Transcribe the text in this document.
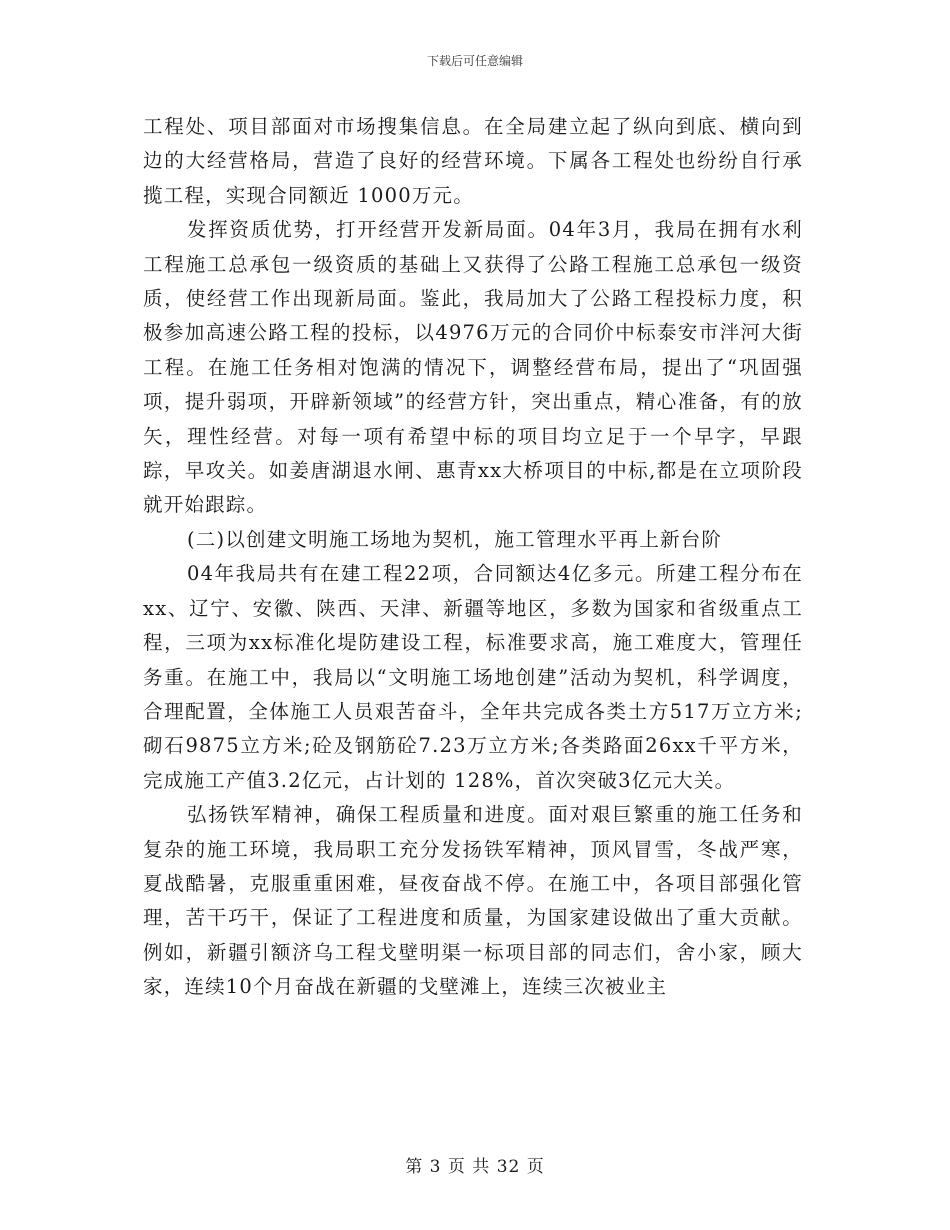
下载后可任意编辑

工程处、项目部面对市场搜集信息。在全局建立起了纵向到底、横向到边的大经营格局，营造了良好的经营环境。下属各工程处也纷纷自行承揽工程，实现合同额近 1000万元。

发挥资质优势，打开经营开发新局面。04年3月，我局在拥有水利工程施工总承包一级资质的基础上又获得了公路工程施工总承包一级资质，使经营工作出现新局面。鉴此，我局加大了公路工程投标力度，积极参加高速公路工程的投标，以4976万元的合同价中标泰安市泮河大街工程。在施工任务相对饱满的情况下，调整经营布局，提出了“巩固强项，提升弱项，开辟新领域”的经营方针，突出重点，精心准备，有的放矢，理性经营。对每一项有希望中标的项目均立足于一个早字，早跟踪，早攻关。如姜唐湖退水闸、惠青xx大桥项目的中标,都是在立项阶段就开始跟踪。

(二)以创建文明施工场地为契机，施工管理水平再上新台阶

04年我局共有在建工程22项，合同额达4亿多元。所建工程分布在xx、辽宁、安徽、陕西、天津、新疆等地区，多数为国家和省级重点工程，三项为xx标准化堤防建设工程，标准要求高，施工难度大，管理任务重。在施工中，我局以“文明施工场地创建”活动为契机，科学调度，合理配置，全体施工人员艰苦奋斗，全年共完成各类土方517万立方米;砌石9875立方米;砼及钢筋砼7.23万立方米;各类路面26xx千平方米，完成施工产值3.2亿元，占计划的 128%，首次突破3亿元大关。

弘扬铁军精神，确保工程质量和进度。面对艰巨繁重的施工任务和复杂的施工环境，我局职工充分发扬铁军精神，顶风冒雪，冬战严寒，夏战酷暑，克服重重困难，昼夜奋战不停。在施工中，各项目部强化管理，苦干巧干，保证了工程进度和质量，为国家建设做出了重大贡献。例如，新疆引额济乌工程戈壁明渠一标项目部的同志们，舍小家，顾大家，连续10个月奋战在新疆的戈壁滩上，连续三次被业主

第 3 页 共 32 页
